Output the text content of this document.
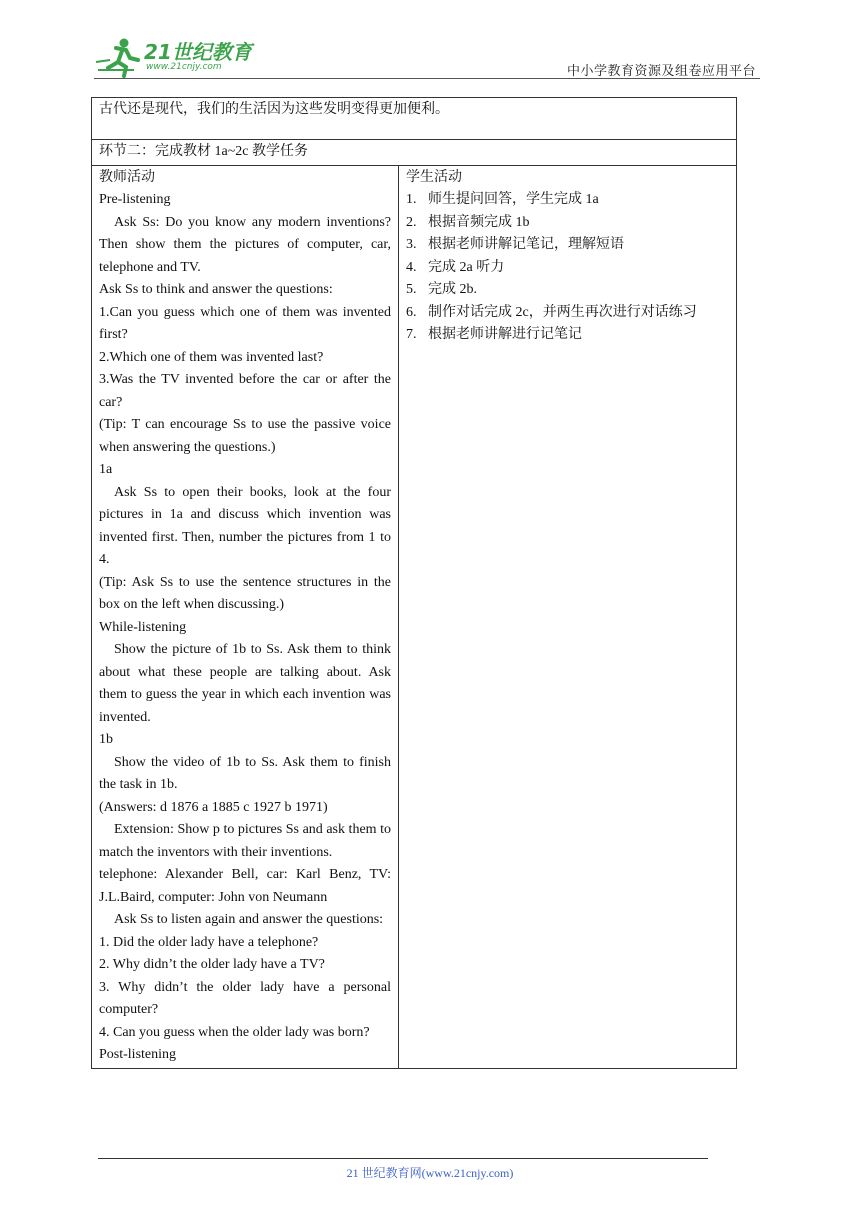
21世纪教育
www.21cnjy.com	中小学教育资源及组卷应用平台

古代还是现代，我们的生活因为这些发明变得更加便利。

环节二：完成教材 1a~2c 教学任务

教师活动

Pre-listening

Ask Ss: Do you know any modern inventions? Then show them the pictures of computer, car, telephone and TV.

Ask Ss to think and answer the questions:

1.Can you guess which one of them was invented first?

2.Which one of them was invented last?

3.Was the TV invented before the car or after the car?

(Tip: T can encourage Ss to use the passive voice when answering the questions.)

1a

Ask Ss to open their books, look at the four pictures in 1a and discuss which invention was invented first. Then, number the pictures from 1 to 4.

(Tip: Ask Ss to use the sentence structures in the box on the left when discussing.)

While-listening

Show the picture of 1b to Ss. Ask them to think about what these people are talking about. Ask them to guess the year in which each invention was invented.

1b

Show the video of 1b to Ss. Ask them to finish the task in 1b.

(Answers: d 1876 a 1885 c 1927 b 1971)

Extension: Show p to pictures Ss and ask them to match the inventors with their inventions.

telephone: Alexander Bell, car: Karl Benz, TV: J.L.Baird, computer: John von Neumann

Ask Ss to listen again and answer the questions:

1. Did the older lady have a telephone?

2. Why didn’t the older lady have a TV?

3. Why didn’t the older lady have a personal computer?

4. Can you guess when the older lady was born?

Post-listening

学生活动

1. 师生提问回答，学生完成 1a
2. 根据音频完成 1b
3. 根据老师讲解记笔记，理解短语
4. 完成 2a 听力
5. 完成 2b.
6. 制作对话完成 2c，并两生再次进行对话练习
7. 根据老师讲解进行记笔记
21 世纪教育网(www.21cnjy.com)
